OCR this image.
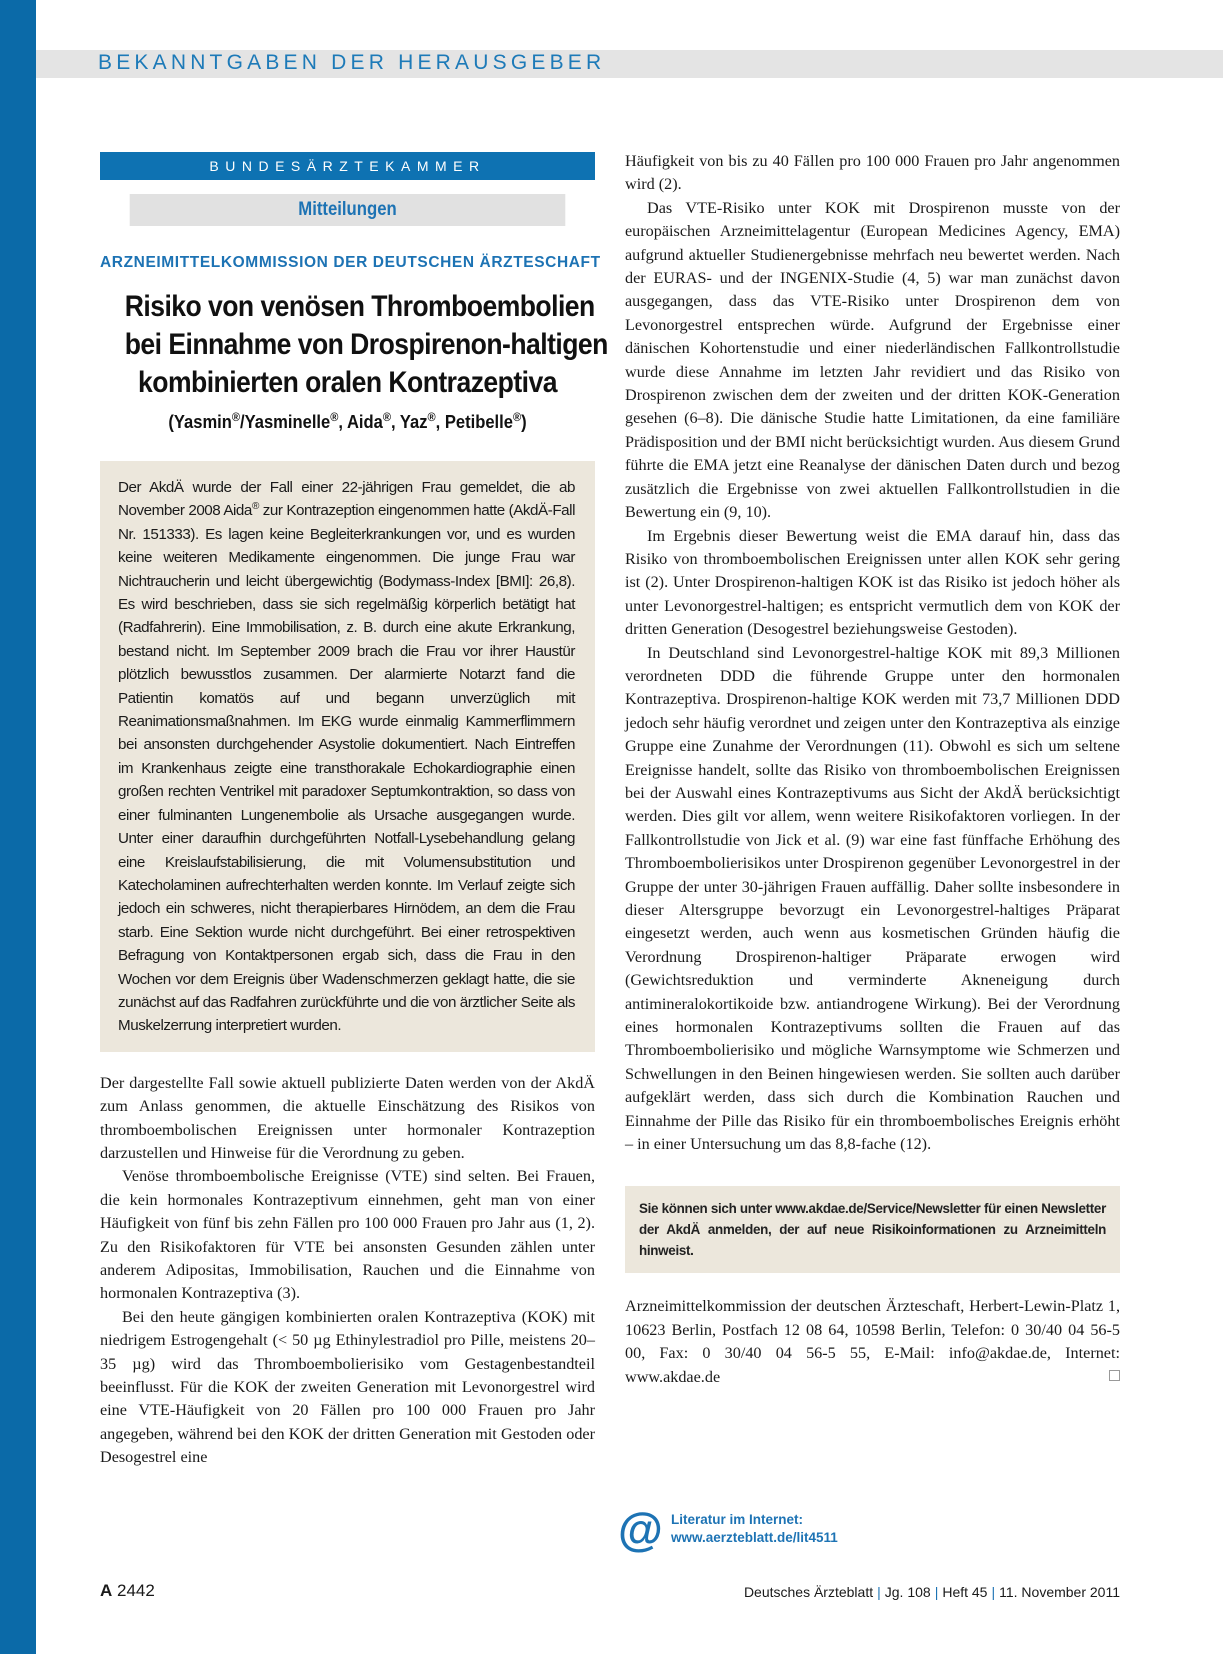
BEKANNTGABEN DER HERAUSGEBER
BUNDESÄRZTEKAMMER
Mitteilungen
ARZNEIMITTELKOMMISSION DER DEUTSCHEN ÄRZTESCHAFT
Risiko von venösen Thromboembolien
bei Einnahme von Drospirenon-haltigen
kombinierten oralen Kontrazeptiva
(Yasmin®/Yasminelle®, Aida®, Yaz®, Petibelle®)
Der AkdÄ wurde der Fall einer 22-jährigen Frau gemeldet, die ab November 2008 Aida® zur Kontrazeption eingenommen hatte (AkdÄ-Fall Nr. 151333). Es lagen keine Begleiterkrankungen vor, und es wurden keine weiteren Medikamente eingenommen. Die junge Frau war Nichtraucherin und leicht übergewichtig (Bodymass-Index [BMI]: 26,8). Es wird beschrieben, dass sie sich regelmäßig körperlich betätigt hat (Radfahrerin). Eine Immobilisation, z. B. durch eine akute Erkrankung, bestand nicht. Im September 2009 brach die Frau vor ihrer Haustür plötzlich bewusstlos zusammen. Der alarmierte Notarzt fand die Patientin komatös auf und begann unverzüglich mit Reanimationsmaßnahmen. Im EKG wurde einmalig Kammerflimmern bei ansonsten durchgehender Asystolie dokumentiert. Nach Eintreffen im Krankenhaus zeigte eine transthorakale Echokardiographie einen großen rechten Ventrikel mit paradoxer Septumkontraktion, so dass von einer fulminanten Lungenembolie als Ursache ausgegangen wurde. Unter einer daraufhin durchgeführten Notfall-Lysebehandlung gelang eine Kreislaufstabilisierung, die mit Volumensubstitution und Katecholaminen aufrechterhalten werden konnte. Im Verlauf zeigte sich jedoch ein schweres, nicht therapierbares Hirnödem, an dem die Frau starb. Eine Sektion wurde nicht durchgeführt. Bei einer retrospektiven Befragung von Kontaktpersonen ergab sich, dass die Frau in den Wochen vor dem Ereignis über Wadenschmerzen geklagt hatte, die sie zunächst auf das Radfahren zurückführte und die von ärztlicher Seite als Muskelzerrung interpretiert wurden.

Der dargestellte Fall sowie aktuell publizierte Daten werden von der AkdÄ zum Anlass genommen, die aktuelle Einschätzung des Risikos von thromboembolischen Ereignissen unter hormonaler Kontrazeption darzustellen und Hinweise für die Verordnung zu geben.

Venöse thromboembolische Ereignisse (VTE) sind selten. Bei Frauen, die kein hormonales Kontrazeptivum einnehmen, geht man von einer Häufigkeit von fünf bis zehn Fällen pro 100 000 Frauen pro Jahr aus (1, 2). Zu den Risikofaktoren für VTE bei ansonsten Gesunden zählen unter anderem Adipositas, Immobilisation, Rauchen und die Einnahme von hormonalen Kontrazeptiva (3).

Bei den heute gängigen kombinierten oralen Kontrazeptiva (KOK) mit niedrigem Estrogengehalt (< 50 µg Ethinylestradiol pro Pille, meistens 20–35 µg) wird das Thromboembolierisiko vom Gestagenbestandteil beeinflusst. Für die KOK der zweiten Generation mit Levonorgestrel wird eine VTE-Häufigkeit von 20 Fällen pro 100 000 Frauen pro Jahr angegeben, während bei den KOK der dritten Generation mit Gestoden oder Desogestrel eine

Häufigkeit von bis zu 40 Fällen pro 100 000 Frauen pro Jahr angenommen wird (2).

Das VTE-Risiko unter KOK mit Drospirenon musste von der europäischen Arzneimittelagentur (European Medicines Agency, EMA) aufgrund aktueller Studienergebnisse mehrfach neu bewertet werden. Nach der EURAS- und der INGENIX-Studie (4, 5) war man zunächst davon ausgegangen, dass das VTE-Risiko unter Drospirenon dem von Levonorgestrel entsprechen würde. Aufgrund der Ergebnisse einer dänischen Kohortenstudie und einer niederländischen Fallkontrollstudie wurde diese Annahme im letzten Jahr revidiert und das Risiko von Drospirenon zwischen dem der zweiten und der dritten KOK-Generation gesehen (6–8). Die dänische Studie hatte Limitationen, da eine familiäre Prädisposition und der BMI nicht berücksichtigt wurden. Aus diesem Grund führte die EMA jetzt eine Reanalyse der dänischen Daten durch und bezog zusätzlich die Ergebnisse von zwei aktuellen Fallkontrollstudien in die Bewertung ein (9, 10).

Im Ergebnis dieser Bewertung weist die EMA darauf hin, dass das Risiko von thromboembolischen Ereignissen unter allen KOK sehr gering ist (2). Unter Drospirenon-haltigen KOK ist das Risiko ist jedoch höher als unter Levonorgestrel-haltigen; es entspricht vermutlich dem von KOK der dritten Generation (Desogestrel beziehungsweise Gestoden).

In Deutschland sind Levonorgestrel-haltige KOK mit 89,3 Millionen verordneten DDD die führende Gruppe unter den hormonalen Kontrazeptiva. Drospirenon-haltige KOK werden mit 73,7 Millionen DDD jedoch sehr häufig verordnet und zeigen unter den Kontrazeptiva als einzige Gruppe eine Zunahme der Verordnungen (11). Obwohl es sich um seltene Ereignisse handelt, sollte das Risiko von thromboembolischen Ereignissen bei der Auswahl eines Kontrazeptivums aus Sicht der AkdÄ berücksichtigt werden. Dies gilt vor allem, wenn weitere Risikofaktoren vorliegen. In der Fallkontrollstudie von Jick et al. (9) war eine fast fünffache Erhöhung des Thromboembolierisikos unter Drospirenon gegenüber Levonorgestrel in der Gruppe der unter 30-jährigen Frauen auffällig. Daher sollte insbesondere in dieser Altersgruppe bevorzugt ein Levonorgestrel-haltiges Präparat eingesetzt werden, auch wenn aus kosmetischen Gründen häufig die Verordnung Drospirenon-haltiger Präparate erwogen wird (Gewichtsreduktion und verminderte Akneneigung durch antimineralokortikoide bzw. antiandrogene Wirkung). Bei der Verordnung eines hormonalen Kontrazeptivums sollten die Frauen auf das Thromboembolierisiko und mögliche Warnsymptome wie Schmerzen und Schwellungen in den Beinen hingewiesen werden. Sie sollten auch darüber aufgeklärt werden, dass sich durch die Kombination Rauchen und Einnahme der Pille das Risiko für ein thromboembolisches Ereignis erhöht – in einer Untersuchung um das 8,8-fache (12).

Sie können sich unter www.akdae.de/Service/Newsletter für einen Newsletter der AkdÄ anmelden, der auf neue Risikoinformationen zu Arzneimitteln hinweist.
Arzneimittelkommission der deutschen Ärzteschaft, Herbert-Lewin-Platz 1, 10623 Berlin, Postfach 12 08 64, 10598 Berlin, Telefon: 0 30/40 04 56-5 00, Fax: 0 30/40 04 56-5 55, E-Mail: info@akdae.de, Internet: www.akdae.de
@ Literatur im Internet:
www.aerzteblatt.de/lit4511
A 2442	Deutsches Ärzteblatt | Jg. 108 | Heft 45 | 11. November 2011
